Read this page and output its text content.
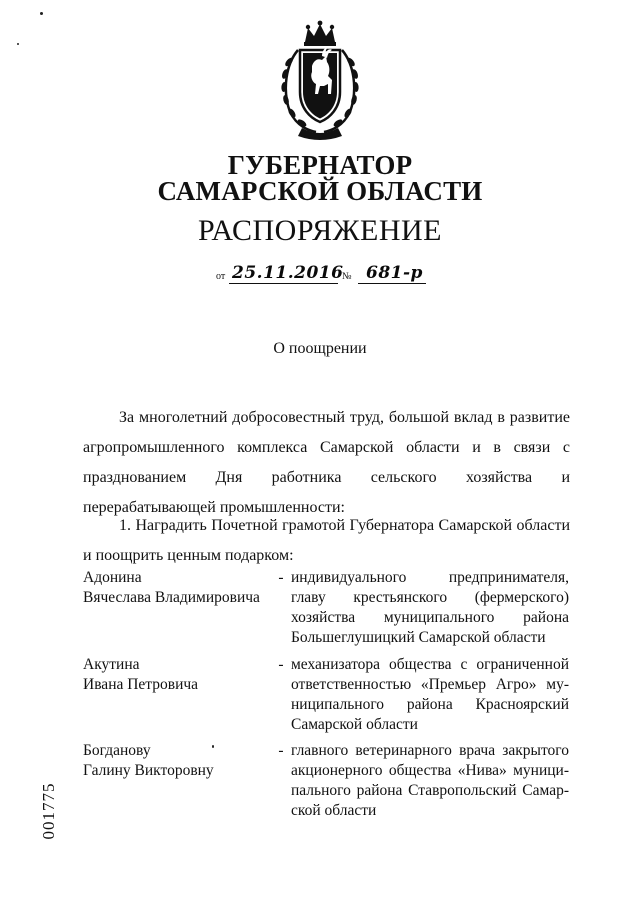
ГУБЕРНАТОР
САМАРСКОЙ ОБЛАСТИ
РАСПОРЯЖЕНИЕ
от 25.11.2016
№ 681-р
О поощрении

За многолетний добросовестный труд, большой вклад в развитие агропромышленного комплекса Самарской области и в связи с празднованием Дня работника сельского хозяйства и перерабатывающей промышленности:

1. Наградить Почетной грамотой Губернатора Самарской области и поощрить ценным подарком:

Адонина
Вячеслава Владимировича
- индивидуального предпринимателя,
главу крестьянского (фермерского)
хозяйства муниципального района
Большеглушицкий Самарской области
Акутина
Ивана Петровича
- механизатора общества с ограниченной
ответственностью «Премьер Агро» му-
ниципального района Красноярский
Самарской области
Богданову
Галину Викторовну
- главного ветеринарного врача закрытого
акционерного общества «Нива» муници-
пального района Ставропольский Самар-
ской области
001775
